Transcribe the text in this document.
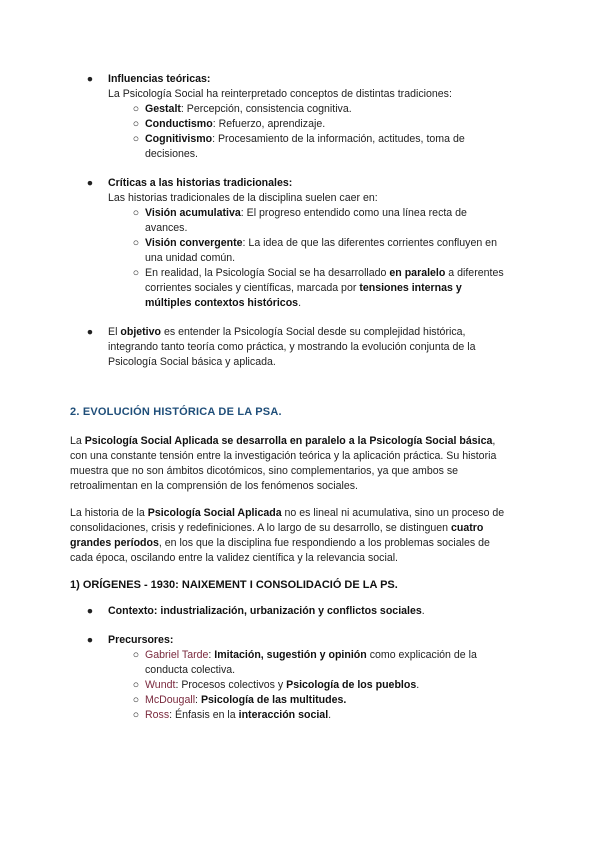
●	Influencias teóricas:
La Psicología Social ha reinterpretado conceptos de distintas tradiciones:
○ Gestalt: Percepción, consistencia cognitiva.
○ Conductismo: Refuerzo, aprendizaje.
○ Cognitivismo: Procesamiento de la información, actitudes, toma de
decisiones.
●	Críticas a las historias tradicionales:
Las historias tradicionales de la disciplina suelen caer en:
○ Visión acumulativa: El progreso entendido como una línea recta de
avances.
○ Visión convergente: La idea de que las diferentes corrientes confluyen en
una unidad común.
○ En realidad, la Psicología Social se ha desarrollado en paralelo a diferentes
corrientes sociales y científicas, marcada por tensiones internas y
múltiples contextos históricos.
●	El objetivo es entender la Psicología Social desde su complejidad histórica,
integrando tanto teoría como práctica, y mostrando la evolución conjunta de la
Psicología Social básica y aplicada.
2. EVOLUCIÓN HISTÓRICA DE LA PSA.
La Psicología Social Aplicada se desarrolla en paralelo a la Psicología Social básica,
con una constante tensión entre la investigación teórica y la aplicación práctica. Su historia
muestra que no son ámbitos dicotómicos, sino complementarios, ya que ambos se
retroalimentan en la comprensión de los fenómenos sociales.
La historia de la Psicología Social Aplicada no es lineal ni acumulativa, sino un proceso de
consolidaciones, crisis y redefiniciones. A lo largo de su desarrollo, se distinguen cuatro
grandes períodos, en los que la disciplina fue respondiendo a los problemas sociales de
cada época, oscilando entre la validez científica y la relevancia social.
1) ORÍGENES - 1930: NAIXEMENT I CONSOLIDACIÓ DE LA PS.
●	Contexto: industrialización, urbanización y conflictos sociales.
●	Precursores:
○ Gabriel Tarde: Imitación, sugestión y opinión como explicación de la
conducta colectiva.
○ Wundt: Procesos colectivos y Psicología de los pueblos.
○ McDougall: Psicología de las multitudes.
○ Ross: Énfasis en la interacción social.
